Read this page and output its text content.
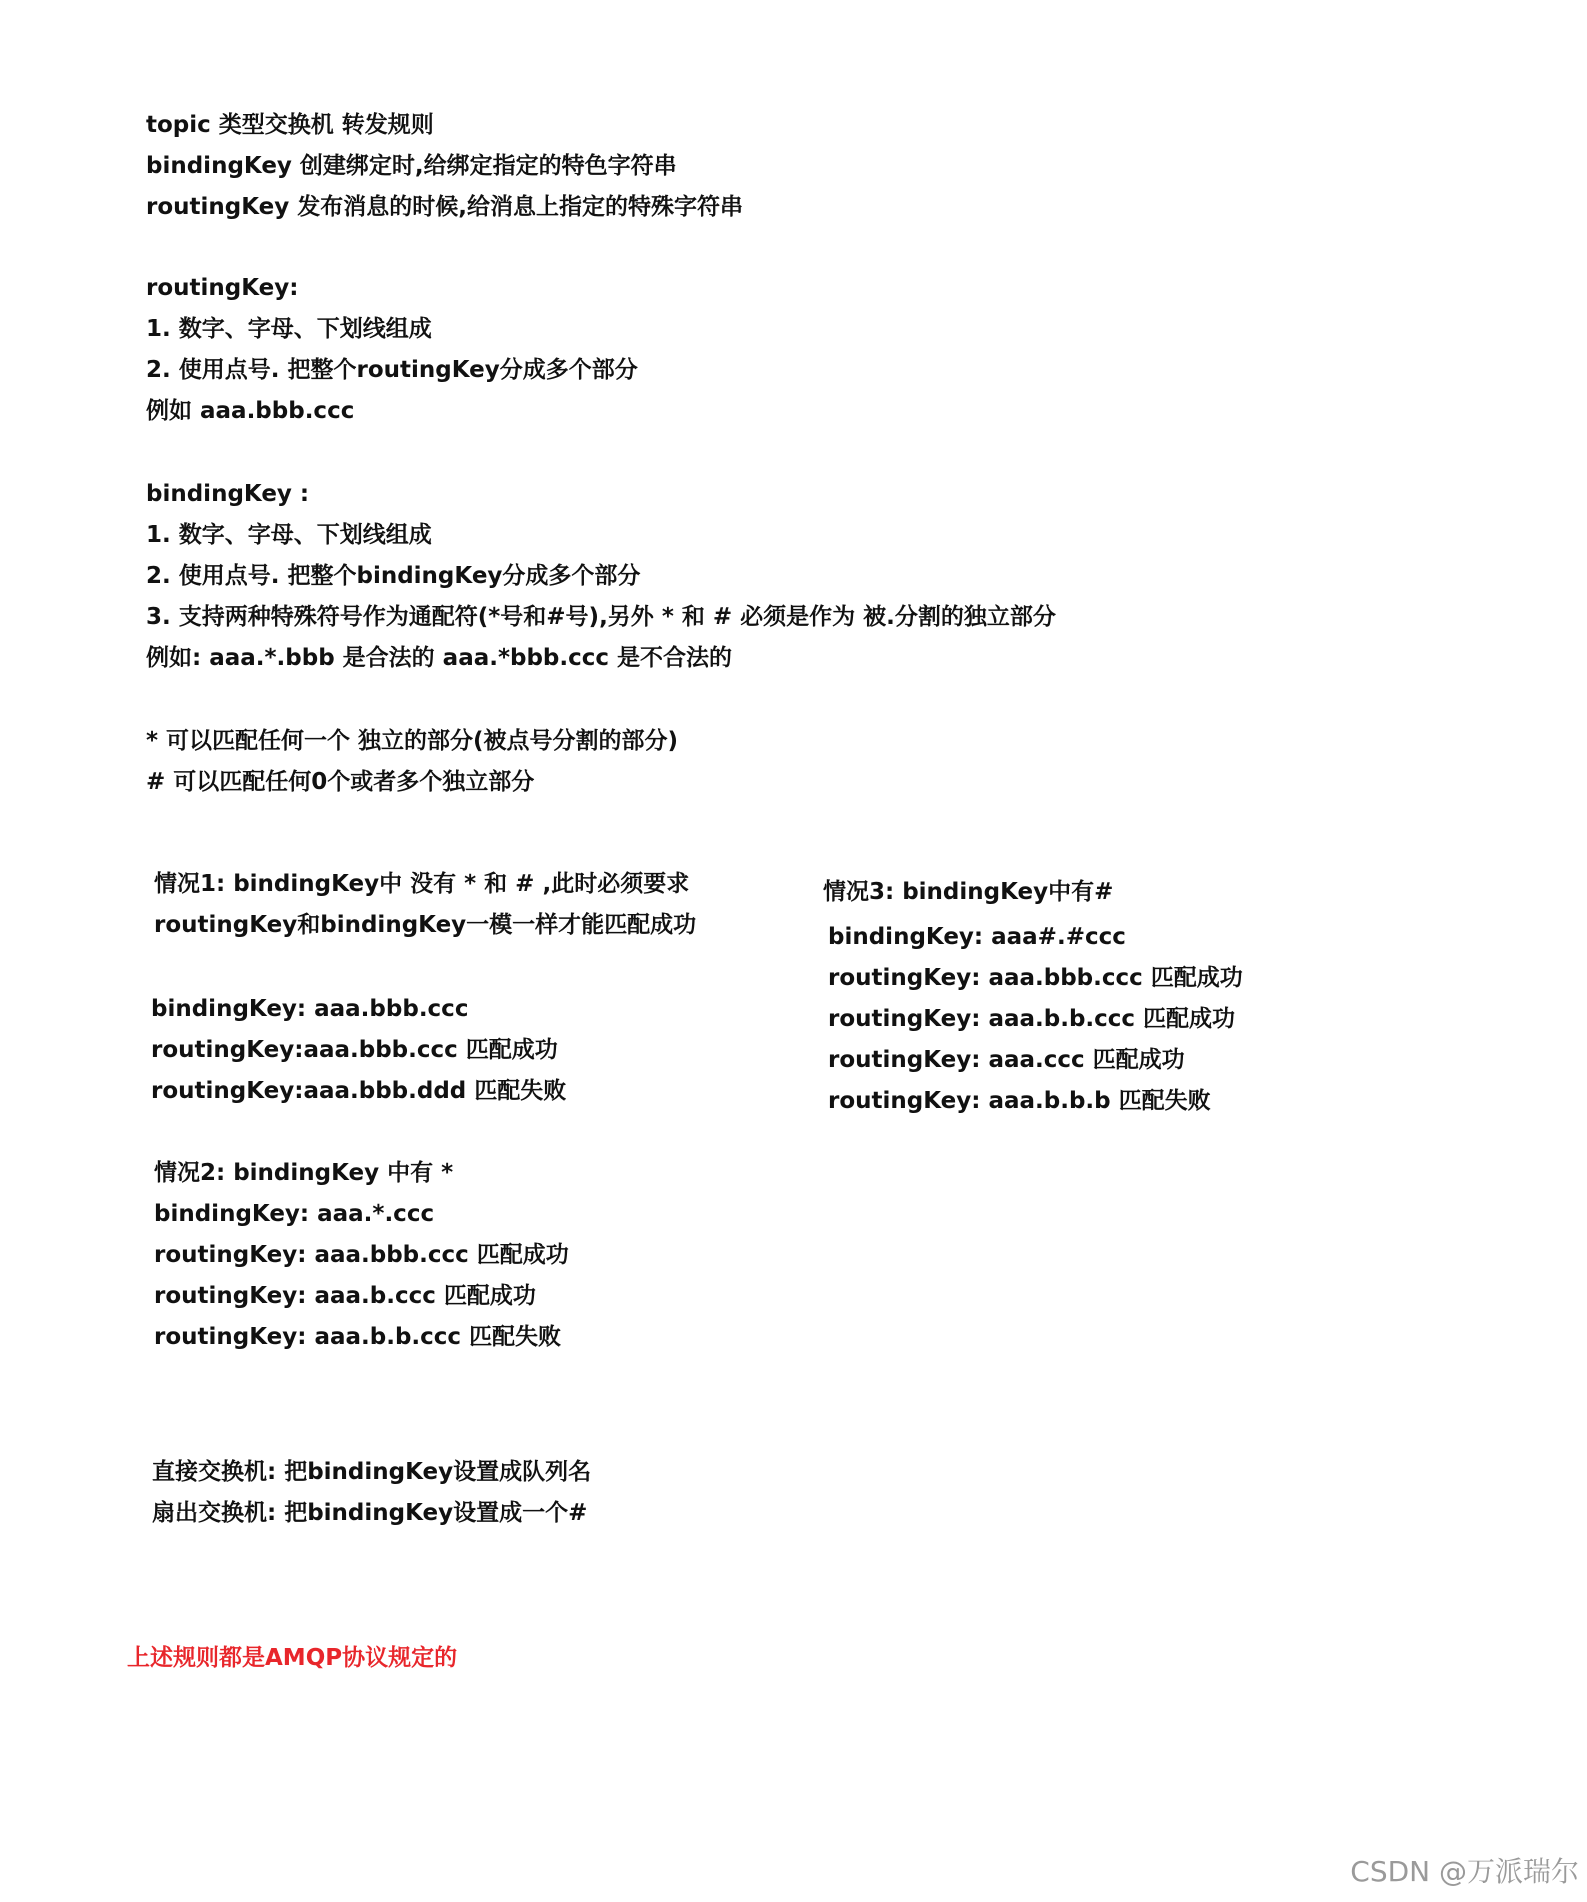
topic 类型交换机 转发规则
bindingKey 创建绑定时,给绑定指定的特色字符串
routingKey 发布消息的时候,给消息上指定的特殊字符串
routingKey:
1. 数字、字母、下划线组成
2. 使用点号. 把整个routingKey分成多个部分
例如 aaa.bbb.ccc
bindingKey :
1. 数字、字母、下划线组成
2. 使用点号. 把整个bindingKey分成多个部分
3. 支持两种特殊符号作为通配符(*号和#号),另外 * 和 # 必须是作为 被.分割的独立部分
例如: aaa.*.bbb 是合法的 aaa.*bbb.ccc 是不合法的
* 可以匹配任何一个 独立的部分(被点号分割的部分)
# 可以匹配任何0个或者多个独立部分
情况1: bindingKey中 没有 * 和 # ,此时必须要求
routingKey和bindingKey一模一样才能匹配成功
bindingKey: aaa.bbb.ccc
routingKey:aaa.bbb.ccc 匹配成功
routingKey:aaa.bbb.ddd 匹配失败
情况2: bindingKey 中有 *
bindingKey: aaa.*.ccc
routingKey: aaa.bbb.ccc 匹配成功
routingKey: aaa.b.ccc 匹配成功
routingKey: aaa.b.b.ccc 匹配失败
情况3: bindingKey中有#
bindingKey: aaa#.#ccc
routingKey: aaa.bbb.ccc 匹配成功
routingKey: aaa.b.b.ccc 匹配成功
routingKey: aaa.ccc 匹配成功
routingKey: aaa.b.b.b 匹配失败
直接交换机: 把bindingKey设置成队列名
扇出交换机: 把bindingKey设置成一个#
上述规则都是AMQP协议规定的
CSDN @万派瑞尔
